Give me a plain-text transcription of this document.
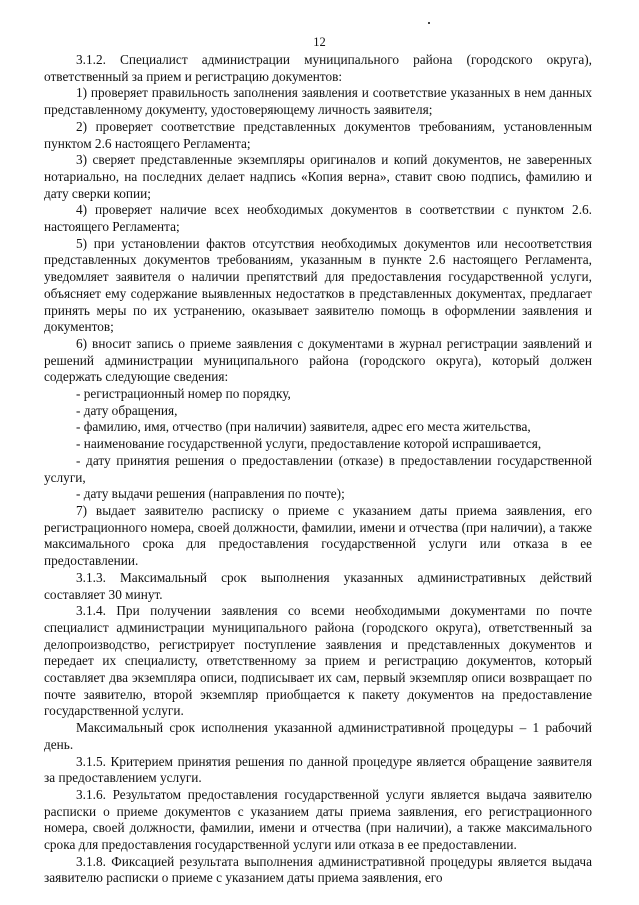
12

3.1.2. Специалист администрации муниципального района (городского округа), ответственный за прием и регистрацию документов:

1) проверяет правильность заполнения заявления и соответствие указанных в нем данных представленному документу, удостоверяющему личность заявителя;

2) проверяет соответствие представленных документов требованиям, установленным пунктом 2.6 настоящего Регламента;

3) сверяет представленные экземпляры оригиналов и копий документов, не заверенных нотариально, на последних делает надпись «Копия верна», ставит свою подпись, фамилию и дату сверки копии;

4) проверяет наличие всех необходимых документов в соответствии с пунктом 2.6. настоящего Регламента;

5) при установлении фактов отсутствия необходимых документов или несоответствия представленных документов требованиям, указанным в пункте 2.6 настоящего Регламента, уведомляет заявителя о наличии препятствий для предоставления государственной услуги, объясняет ему содержание выявленных недостатков в представленных документах, предлагает принять меры по их устранению, оказывает заявителю помощь в оформлении заявления и документов;

6) вносит запись о приеме заявления с документами в журнал регистрации заявлений и решений администрации муниципального района (городского округа), который должен содержать следующие сведения:

- регистрационный номер по порядку,

- дату обращения,

- фамилию, имя, отчество (при наличии) заявителя, адрес его места жительства,

- наименование государственной услуги, предоставление которой испрашивается,

- дату принятия решения о предоставлении (отказе) в предоставлении государственной услуги,

- дату выдачи решения (направления по почте);

7) выдает заявителю расписку о приеме с указанием даты приема заявления, его регистрационного номера, своей должности, фамилии, имени и отчества (при наличии), а также максимального срока для предоставления государственной услуги или отказа в ее предоставлении.

3.1.3. Максимальный срок выполнения указанных административных действий составляет 30 минут.

3.1.4. При получении заявления со всеми необходимыми документами по почте специалист администрации муниципального района (городского округа), ответственный за делопроизводство, регистрирует поступление заявления и представленных документов и передает их специалисту, ответственному за прием и регистрацию документов, который составляет два экземпляра описи, подписывает их сам, первый экземпляр описи возвращает по почте заявителю, второй экземпляр приобщается к пакету документов на предоставление государственной услуги.

Максимальный срок исполнения указанной административной процедуры – 1 рабочий день.

3.1.5. Критерием принятия решения по данной процедуре является обращение заявителя за предоставлением услуги.

3.1.6. Результатом предоставления государственной услуги является выдача заявителю расписки о приеме документов с указанием даты приема заявления, его регистрационного номера, своей должности, фамилии, имени и отчества (при наличии), а также максимального срока для предоставления государственной услуги или отказа в ее предоставлении.

3.1.8. Фиксацией результата выполнения административной процедуры является выдача заявителю расписки о приеме с указанием даты приема заявления, его
